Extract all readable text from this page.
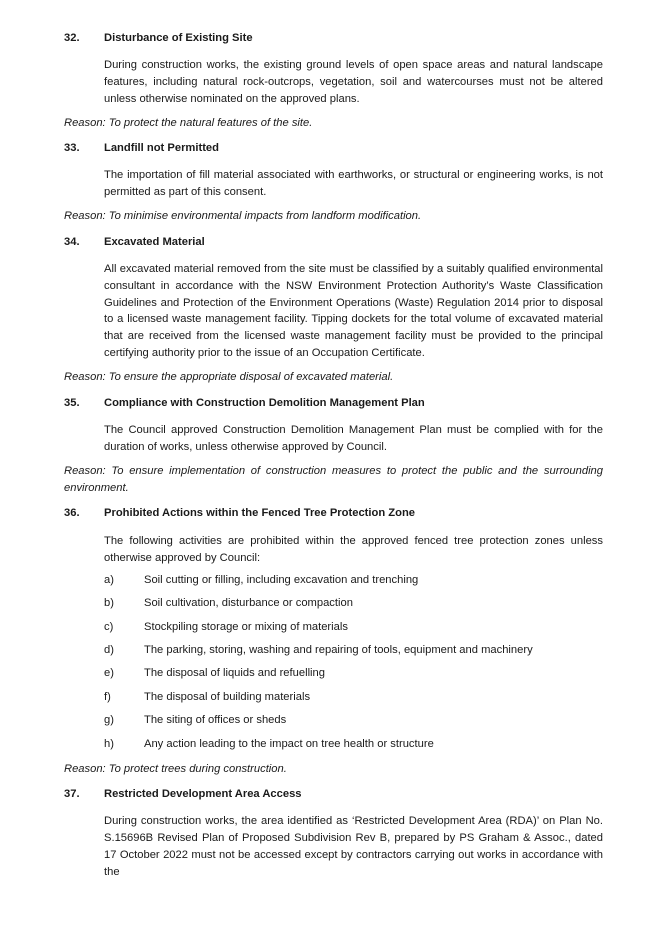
32. Disturbance of Existing Site
During construction works, the existing ground levels of open space areas and natural landscape features, including natural rock-outcrops, vegetation, soil and watercourses must not be altered unless otherwise nominated on the approved plans.
Reason: To protect the natural features of the site.
33. Landfill not Permitted
The importation of fill material associated with earthworks, or structural or engineering works, is not permitted as part of this consent.
Reason: To minimise environmental impacts from landform modification.
34. Excavated Material
All excavated material removed from the site must be classified by a suitably qualified environmental consultant in accordance with the NSW Environment Protection Authority’s Waste Classification Guidelines and Protection of the Environment Operations (Waste) Regulation 2014 prior to disposal to a licensed waste management facility. Tipping dockets for the total volume of excavated material that are received from the licensed waste management facility must be provided to the principal certifying authority prior to the issue of an Occupation Certificate.
Reason: To ensure the appropriate disposal of excavated material.
35. Compliance with Construction Demolition Management Plan
The Council approved Construction Demolition Management Plan must be complied with for the duration of works, unless otherwise approved by Council.
Reason: To ensure implementation of construction measures to protect the public and the surrounding environment.
36. Prohibited Actions within the Fenced Tree Protection Zone
The following activities are prohibited within the approved fenced tree protection zones unless otherwise approved by Council:
a)	Soil cutting or filling, including excavation and trenching
b)	Soil cultivation, disturbance or compaction
c)	Stockpiling storage or mixing of materials
d)	The parking, storing, washing and repairing of tools, equipment and machinery
e)	The disposal of liquids and refuelling
f)	The disposal of building materials
g)	The siting of offices or sheds
h)	Any action leading to the impact on tree health or structure
Reason: To protect trees during construction.
37. Restricted Development Area Access
During construction works, the area identified as ‘Restricted Development Area (RDA)’ on Plan No. S.15696B Revised Plan of Proposed Subdivision Rev B, prepared by PS Graham & Assoc., dated 17 October 2022 must not be accessed except by contractors carrying out works in accordance with the
